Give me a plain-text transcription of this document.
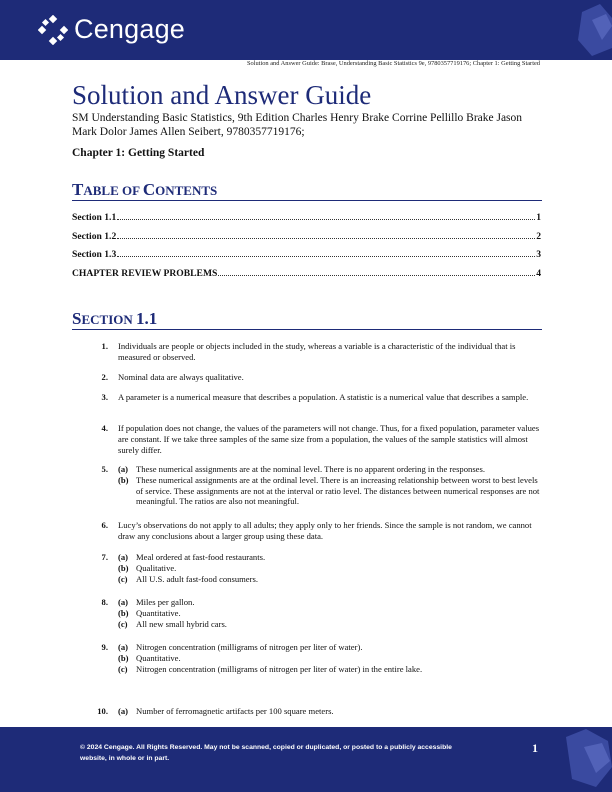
Cengage
Solution and Answer Guide: Brase, Understanding Basic Statistics 9e, 9780357719176; Chapter 1: Getting Started
Solution and Answer Guide
SM Understanding Basic Statistics, 9th Edition Charles Henry Brake Corrine Pellillo Brake Jason Mark Dolor James Allen Seibert, 9780357719176;
Chapter 1: Getting Started
TABLE OF CONTENTS
Section 1.1	1
Section 1.2	2
Section 1.3	3
CHAPTER REVIEW PROBLEMS	4
SECTION 1.1
1.	Individuals are people or objects included in the study, whereas a variable is a characteristic of the individual that is measured or observed.
2.	Nominal data are always qualitative.
3.	A parameter is a numerical measure that describes a population. A statistic is a numerical value that describes a sample.
4.	If population does not change, the values of the parameters will not change. Thus, for a fixed population, parameter values are constant. If we take three samples of the same size from a population, the values of the sample statistics will almost surely differ.
5.	(a) These numerical assignments are at the nominal level. There is no apparent ordering in the responses.
(b) These numerical assignments are at the ordinal level. There is an increasing relationship between worst to best levels of service. These assignments are not at the interval or ratio level. The distances between numerical responses are not meaningful. The ratios are also not meaningful.
6.	Lucy’s observations do not apply to all adults; they apply only to her friends. Since the sample is not random, we cannot draw any conclusions about a larger group using these data.
7.	(a) Meal ordered at fast-food restaurants.
(b) Qualitative.
(c) All U.S. adult fast-food consumers.
8.	(a) Miles per gallon.
(b) Quantitative.
(c) All new small hybrid cars.
9.	(a) Nitrogen concentration (milligrams of nitrogen per liter of water).
(b) Quantitative.
(c) Nitrogen concentration (milligrams of nitrogen per liter of water) in the entire lake.
10.	(a) Number of ferromagnetic artifacts per 100 square meters.
© 2024 Cengage. All Rights Reserved. May not be scanned, copied or duplicated, or posted to a publicly accessible website, in whole or in part.
1
